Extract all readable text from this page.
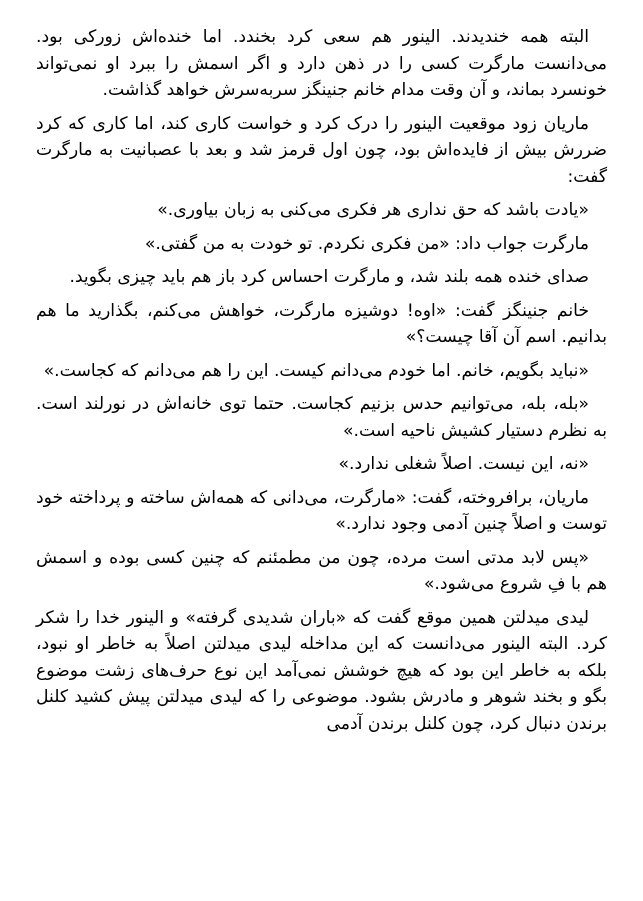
البته همه خندیدند. الینور هم سعی کرد بخندد. اما خنده‌اش زورکی بود. می‌دانست مارگرت کسی را در ذهن دارد و اگر اسمش را ببرد او نمی‌تواند خونسرد بماند، و آن وقت مدام خانم جنینگز سربه‌سرش خواهد گذاشت.

ماریان زود موقعیت الینور را درک کرد و خواست کاری کند، اما کاری که کرد ضررش بیش از فایده‌اش بود، چون اول قرمز شد و بعد با عصبانیت به مارگرت گفت:

«یادت باشد که حق نداری هر فکری می‌کنی به زبان بیاوری.»

مارگرت جواب داد: «من فکری نکردم. تو خودت به من گفتی.»

صدای خنده همه بلند شد، و مارگرت احساس کرد باز هم باید چیزی بگوید.

خانم جنینگز گفت: «اوه! دوشیزه مارگرت، خواهش می‌کنم، بگذارید ما هم بدانیم. اسم آن آقا چیست؟»

«نباید بگویم، خانم. اما خودم می‌دانم کیست. این را هم می‌دانم که کجاست.»

«بله، بله، می‌توانیم حدس بزنیم کجاست. حتما توی خانه‌اش در نورلند است. به نظرم دستیار کشیش ناحیه است.»

«نه، این نیست. اصلاً شغلی ندارد.»

ماریان، برافروخته، گفت: «مارگرت، می‌دانی که همه‌اش ساخته و پرداخته خود توست و اصلاً چنین آدمی وجود ندارد.»

«پس لابد مدتی است مرده، چون من مطمئنم که چنین کسی بوده و اسمش هم با فِ شروع می‌شود.»

لیدی میدلتن همین موقع گفت که «باران شدیدی گرفته» و الینور خدا را شکر کرد. البته الینور می‌دانست که این مداخله لیدی میدلتن اصلاً به خاطر او نبود، بلکه به خاطر این بود که هیچ خوشش نمی‌آمد این نوع حرف‌های زشت موضوع بگو و بخند شوهر و مادرش بشود. موضوعی را که لیدی میدلتن پیش کشید کلنل برندن دنبال کرد، چون کلنل برندن آدمی
